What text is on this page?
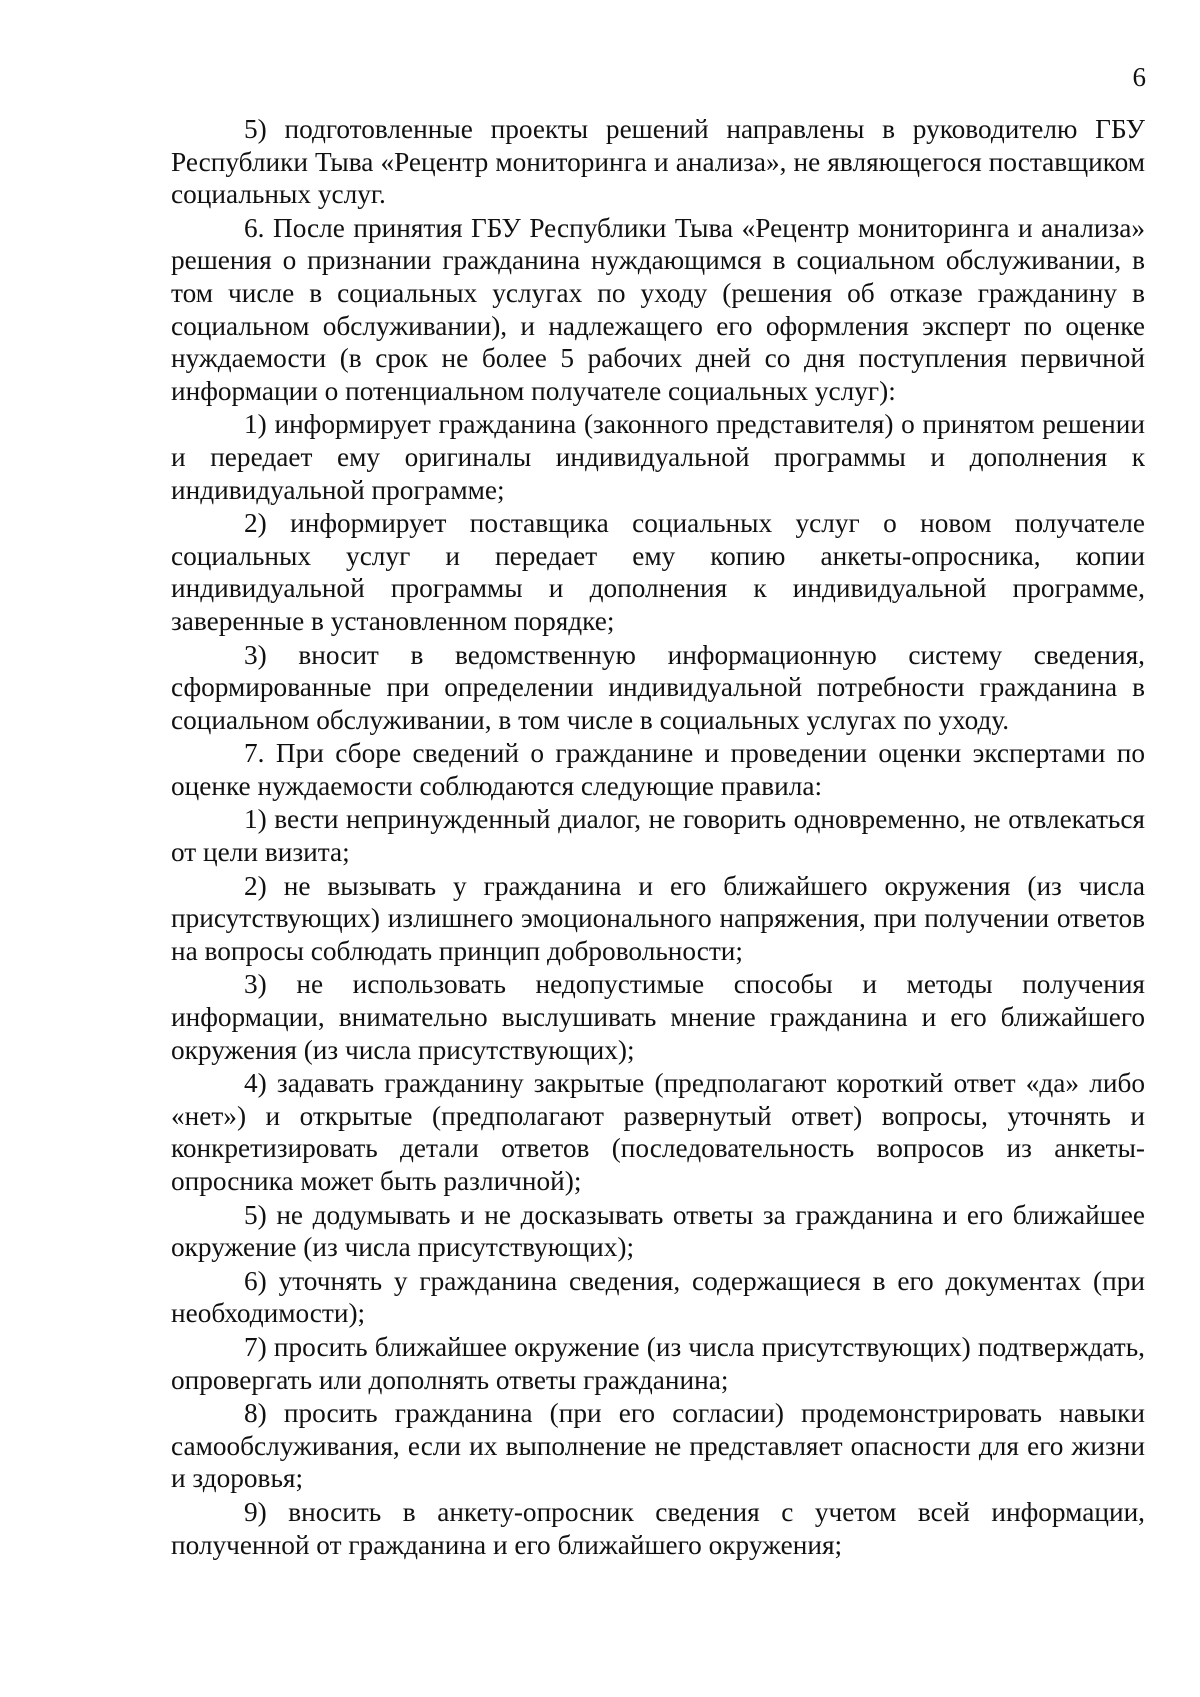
6

5) подготовленные проекты решений направлены в руководителю ГБУ Республики Тыва «Рецентр мониторинга и анализа», не являющегося поставщиком социальных услуг.

6. После принятия ГБУ Республики Тыва «Рецентр мониторинга и анализа» решения о признании гражданина нуждающимся в социальном обслуживании, в том числе в социальных услугах по уходу (решения об отказе гражданину в социальном обслуживании), и надлежащего его оформления эксперт по оценке нуждаемости (в срок не более 5 рабочих дней со дня поступления первичной информации о потенциальном получателе социальных услуг):

1) информирует гражданина (законного представителя) о принятом решении и передает ему оригиналы индивидуальной программы и дополнения к индивидуальной программе;

2) информирует поставщика социальных услуг о новом получателе социальных услуг и передает ему копию анкеты-опросника, копии индивидуальной программы и дополнения к индивидуальной программе, заверенные в установленном порядке;

3) вносит в ведомственную информационную систему сведения, сформированные при определении индивидуальной потребности гражданина в социальном обслуживании, в том числе в социальных услугах по уходу.

7. При сборе сведений о гражданине и проведении оценки экспертами по оценке нуждаемости соблюдаются следующие правила:

1) вести непринужденный диалог, не говорить одновременно, не отвлекаться от цели визита;

2) не вызывать у гражданина и его ближайшего окружения (из числа присутствующих) излишнего эмоционального напряжения, при получении ответов на вопросы соблюдать принцип добровольности;

3) не использовать недопустимые способы и методы получения информации, внимательно выслушивать мнение гражданина и его ближайшего окружения (из числа присутствующих);

4) задавать гражданину закрытые (предполагают короткий ответ «да» либо «нет») и открытые (предполагают развернутый ответ) вопросы, уточнять и конкретизировать детали ответов (последовательность вопросов из анкеты-опросника может быть различной);

5) не додумывать и не досказывать ответы за гражданина и его ближайшее окружение (из числа присутствующих);

6) уточнять у гражданина сведения, содержащиеся в его документах (при необходимости);

7) просить ближайшее окружение (из числа присутствующих) подтверждать, опровергать или дополнять ответы гражданина;

8) просить гражданина (при его согласии) продемонстрировать навыки самообслуживания, если их выполнение не представляет опасности для его жизни и здоровья;

9) вносить в анкету-опросник сведения с учетом всей информации, полученной от гражданина и его ближайшего окружения;
